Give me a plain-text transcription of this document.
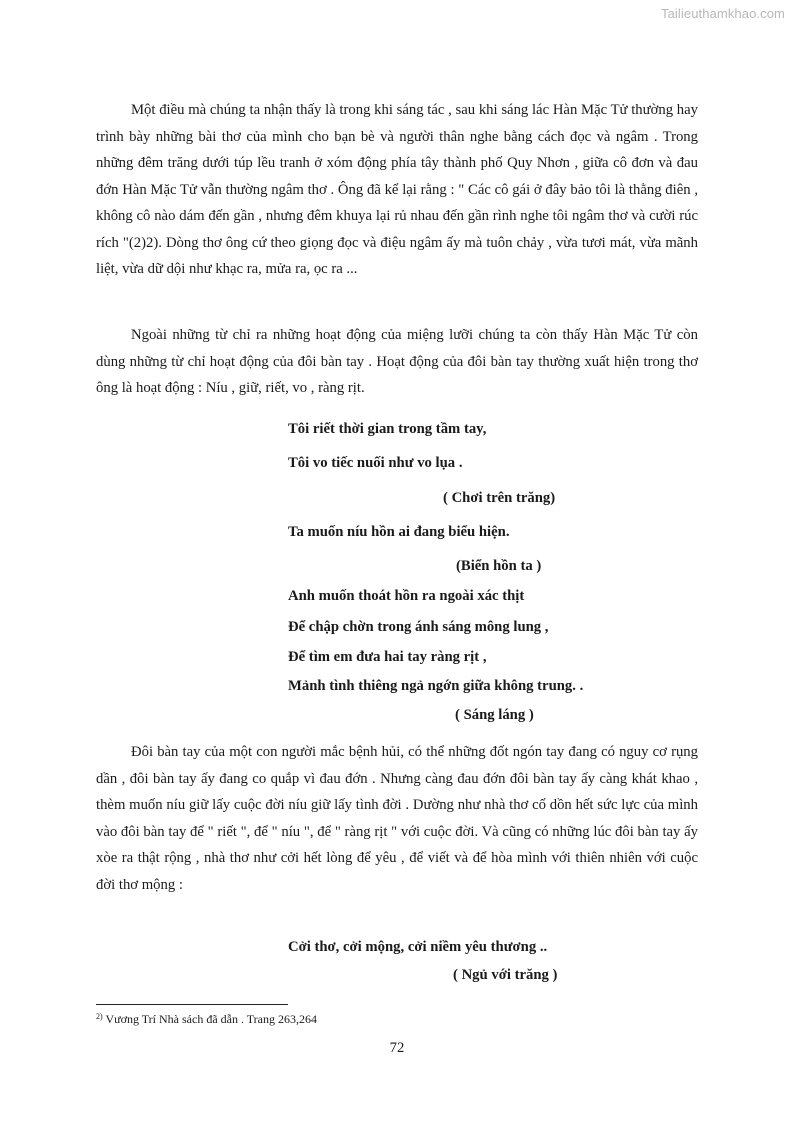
Tailieuthamkhao.com

Một điều mà chúng ta nhận thấy là trong khi sáng tác , sau khi sáng lác Hàn Mặc Tử thường hay trình bày những bài thơ của mình cho bạn bè và người thân nghe bằng cách đọc và ngâm . Trong những đêm trăng dưới túp lều tranh ở xóm động phía tây thành phố Quy Nhơn , giữa cô đơn và đau đớn Hàn Mặc Tử vẫn thường ngâm thơ . Ông đã kể lại rằng : " Các cô gái ở đây bảo tôi là thằng điên , không cô nào dám đến gần , nhưng đêm khuya lại rủ nhau đến gần rình nghe tôi ngâm thơ và cười rúc rích "(2)2). Dòng thơ ông cứ theo giọng đọc và điệu ngâm ấy mà tuôn chảy , vừa tươi mát, vừa mãnh liệt, vừa dữ dội như khạc ra, mửa ra, ọc ra ...

Ngoài những từ chỉ ra những hoạt động của miệng lưỡi chúng ta còn thấy Hàn Mặc Tử còn dùng những từ chỉ hoạt động của đôi bàn tay . Hoạt động của đôi bàn tay thường xuất hiện trong thơ ông là hoạt động : Níu , giữ, riết, vo , ràng rịt.

Tôi riết thời gian trong tầm tay,
Tôi vo tiếc nuối như vo lụa .
( Chơi trên trăng)
Ta muốn níu hồn ai đang biểu hiện.
(Biển hồn ta )
Anh muốn thoát hồn ra ngoài xác thịt
Để chập chờn trong ánh sáng mông lung ,
Để tìm em đưa hai tay ràng rịt ,
Mảnh tình thiêng ngả ngớn giữa không trung. .
( Sáng láng )

Đôi bàn tay của một con người mắc bệnh hủi, có thể những đốt ngón tay đang có nguy cơ rụng dần , đôi bàn tay ấy đang co quắp vì đau đớn . Nhưng càng đau đớn đôi bàn tay ấy càng khát khao , thèm muốn níu giữ lấy cuộc đời níu giữ lấy tình đời . Dường như nhà thơ cố dồn hết sức lực của mình vào đôi bàn tay để " riết ", để " níu ", để " ràng rịt " với cuộc đời. Và cũng có những lúc đôi bàn tay ấy xòe ra thật rộng , nhà thơ như cởi hết lòng để yêu , để viết và để hòa mình với thiên nhiên với cuộc đời thơ mộng :

Cởi thơ, cởi mộng, cởi niềm yêu thương ..
( Ngủ với trăng )
$^{2)}$ Vương Trí Nhà sách đã dẫn . Trang 263,264
72
